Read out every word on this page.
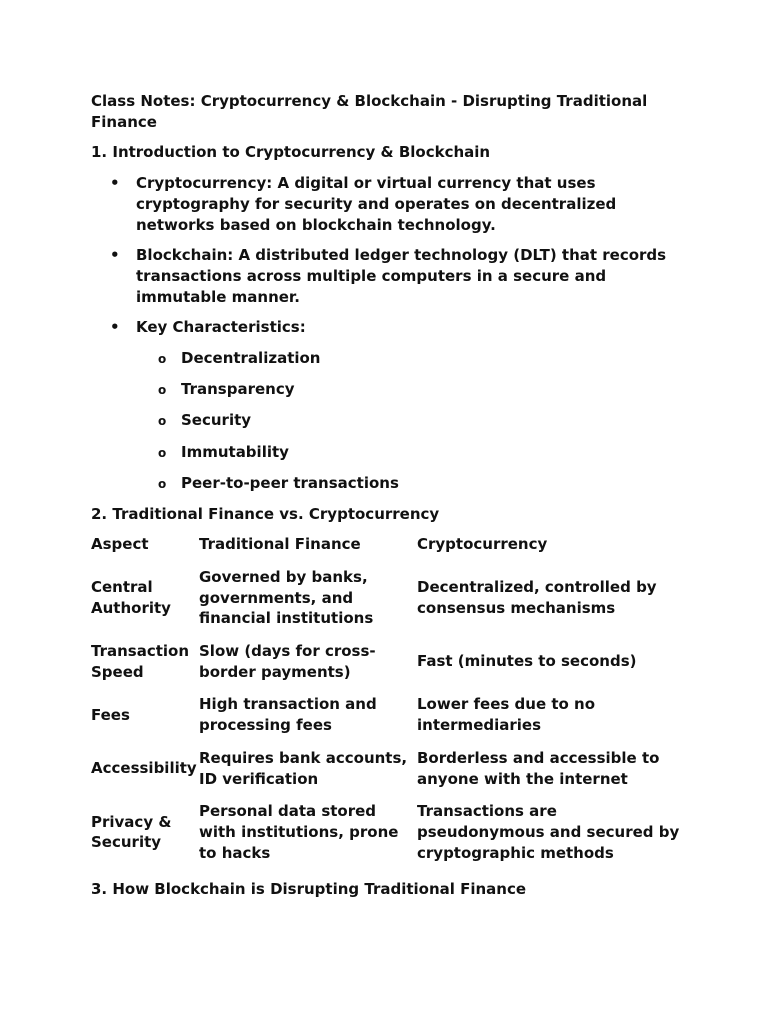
Class Notes: Cryptocurrency & Blockchain - Disrupting Traditional Finance
1. Introduction to Cryptocurrency & Blockchain
• Cryptocurrency: A digital or virtual currency that uses cryptography for security and operates on decentralized networks based on blockchain technology.
• Blockchain: A distributed ledger technology (DLT) that records transactions across multiple computers in a secure and immutable manner.
• Key Characteristics:
o Decentralization
o Transparency
o Security
o Immutability
o Peer-to-peer transactions
2. Traditional Finance vs. Cryptocurrency
Aspect	Traditional Finance	Cryptocurrency
Central Authority	Governed by banks, governments, and financial institutions	Decentralized, controlled by consensus mechanisms
Transaction Speed	Slow (days for cross-border payments)	Fast (minutes to seconds)
Fees	High transaction and processing fees	Lower fees due to no intermediaries
Accessibility	Requires bank accounts, ID verification	Borderless and accessible to anyone with the internet
Privacy & Security	Personal data stored with institutions, prone to hacks	Transactions are pseudonymous and secured by cryptographic methods
3. How Blockchain is Disrupting Traditional Finance
